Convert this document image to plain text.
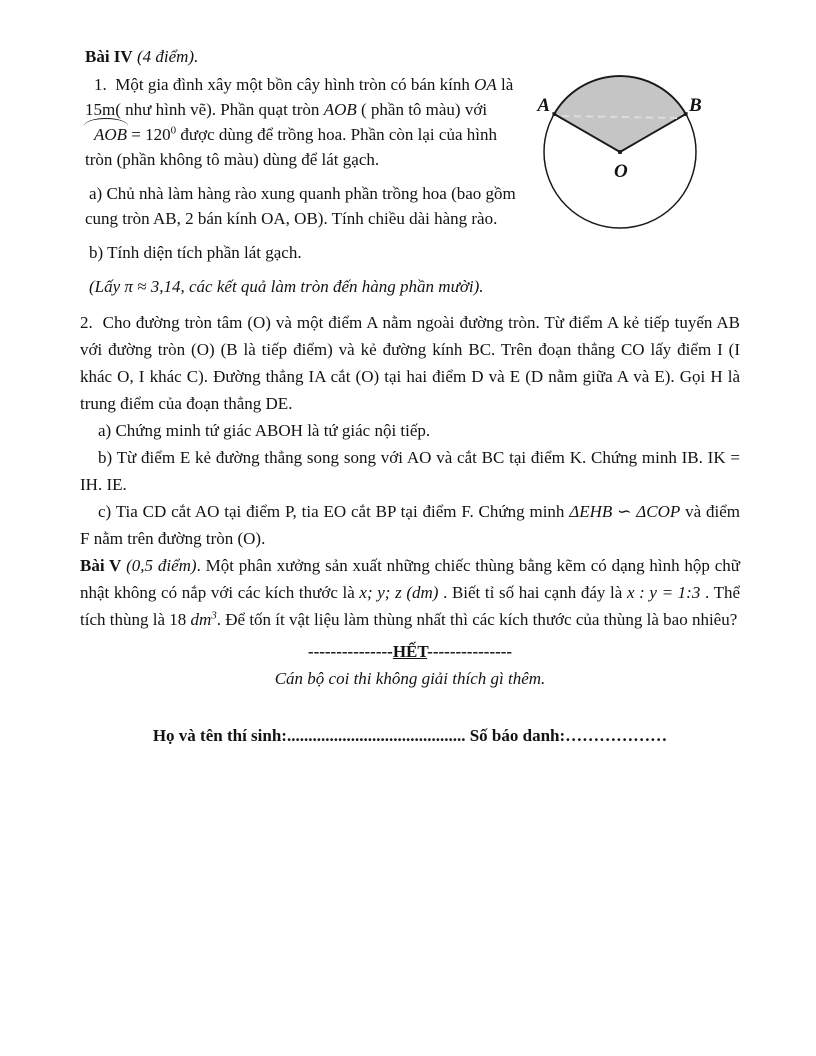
Bài IV (4 điểm).

A	B
O

1.  Một gia đình xây một bồn cây hình tròn có bán kính OA là 15m( như hình vẽ). Phần quạt tròn AOB ( phần tô màu) với AOB = $120^0$ được dùng để trồng hoa. Phần còn lại của hình tròn (phần không tô màu) dùng để lát gạch.

a) Chủ nhà làm hàng rào xung quanh phần trồng hoa (bao gồm cung tròn AB, 2 bán kính OA, OB). Tính chiều dài hàng rào.

b) Tính diện tích phần lát gạch.

(Lấy π ≈ 3,14, các kết quả làm tròn đến hàng phần mười).

2.  Cho đường tròn tâm (O) và một điểm A nằm ngoài đường tròn. Từ điểm A kẻ tiếp tuyến AB với đường tròn (O) (B là tiếp điểm) và kẻ đường kính BC. Trên đoạn thẳng CO lấy điểm I (I khác O, I khác C). Đường thẳng IA cắt (O) tại hai điểm D và E (D nằm giữa A và E). Gọi H là trung điểm của đoạn thẳng DE.

a) Chứng minh tứ giác ABOH là tứ giác nội tiếp.

b) Từ điểm E kẻ đường thẳng song song với AO và cắt BC tại điểm K. Chứng minh IB. IK = IH. IE.

c) Tia CD cắt AO tại điểm P, tia EO cắt BP tại điểm F. Chứng minh ΔEHB ∽ ΔCOP và điểm F nằm trên đường tròn (O).

Bài V (0,5 điểm). Một phân xưởng sản xuất những chiếc thùng bằng kẽm có dạng hình hộp chữ nhật không có nắp với các kích thước là x; y; z (dm) . Biết tỉ số hai cạnh đáy là x : y = 1:3 . Thể tích thùng là 18 $dm^3$. Để tốn ít vật liệu làm thùng nhất thì các kích thước của thùng là bao nhiêu?

---------------HẾT---------------

Cán bộ coi thi không giải thích gì thêm.

Họ và tên thí sinh:.......................................... Số báo danh:………………
